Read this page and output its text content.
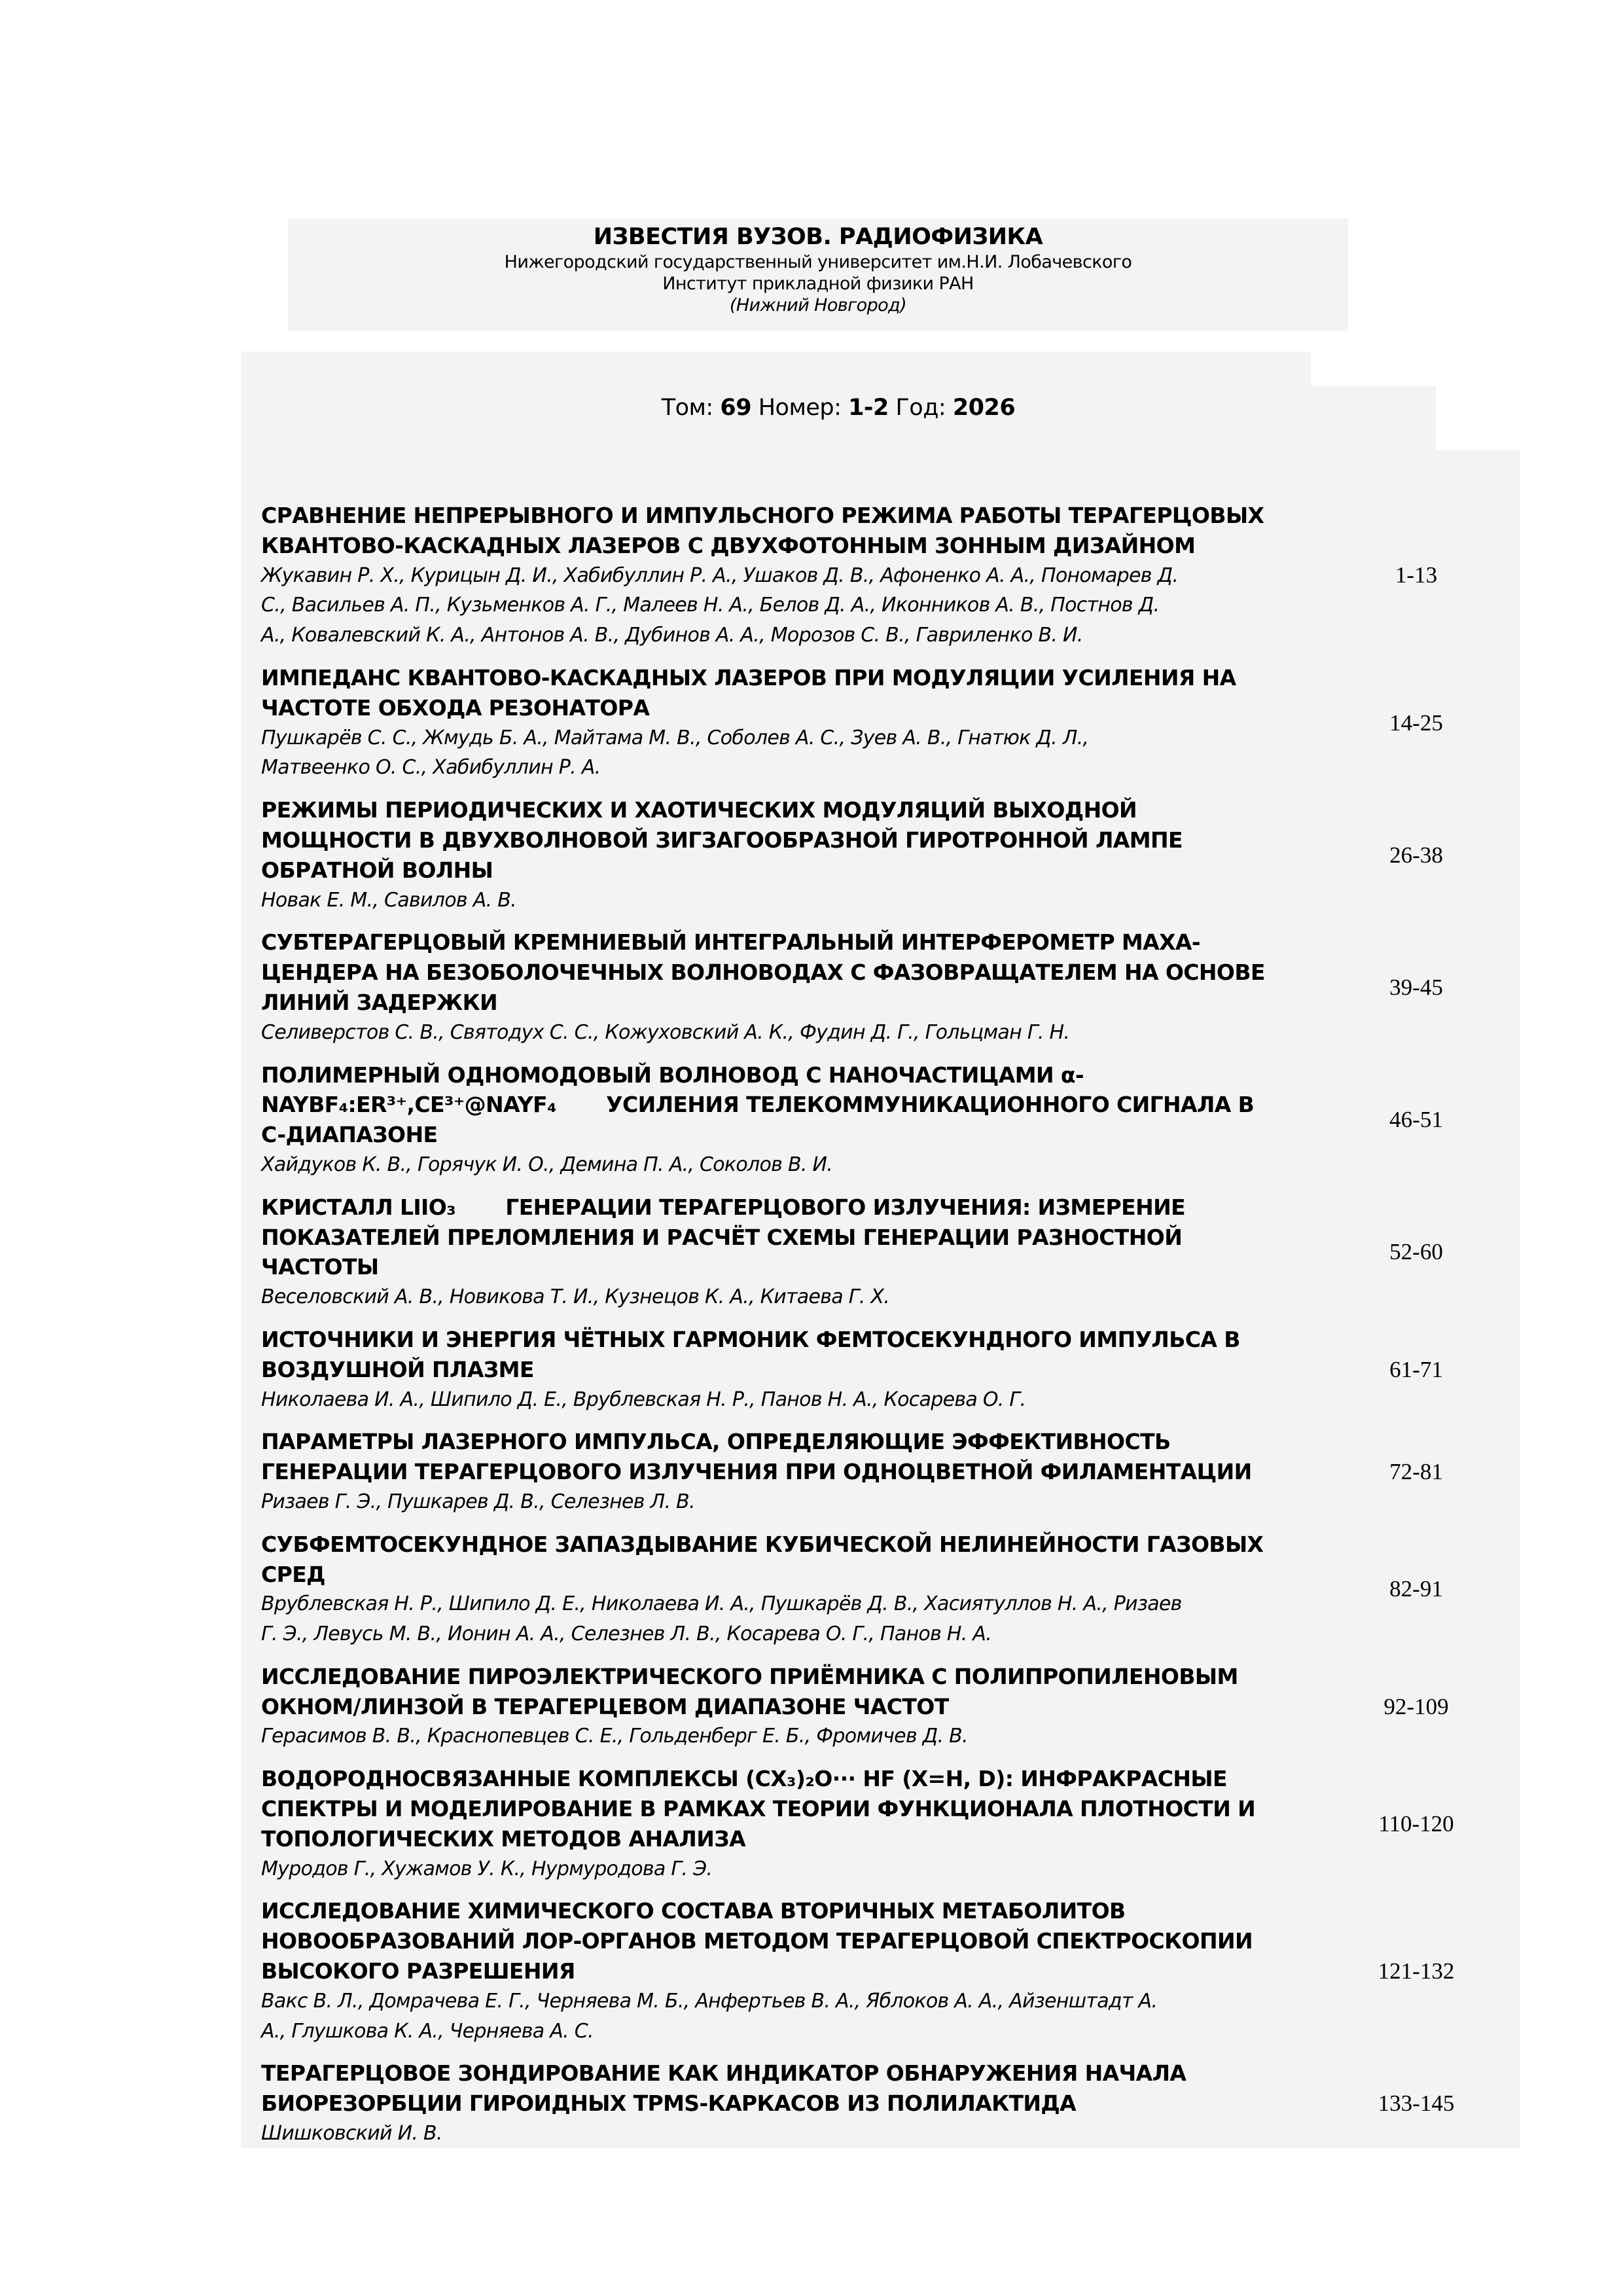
ИЗВЕСТИЯ ВУЗОВ. РАДИОФИЗИКА
Нижегородский государственный университет им.Н.И. Лобачевского
Институт прикладной физики РАН
(Нижний Новгород)
Том: 69 Номер: 1-2 Год: 2026
СРАВНЕНИЕ НЕПРЕРЫВНОГО И ИМПУЛЬСНОГО РЕЖИМА РАБОТЫ ТЕРАГЕРЦОВЫХ
КВАНТОВО-КАСКАДНЫХ ЛАЗЕРОВ С ДВУХФОТОННЫМ ЗОННЫМ ДИЗАЙНОМ
Жукавин Р. Х., Курицын Д. И., Хабибуллин Р. А., Ушаков Д. В., Афоненко А. А., Пономарев Д.
С., Васильев А. П., Кузьменков А. Г., Малеев Н. А., Белов Д. А., Иконников А. В., Постнов Д.
А., Ковалевский К. А., Антонов А. В., Дубинов А. А., Морозов С. В., Гавриленко В. И.
1-13
ИМПЕДАНС КВАНТОВО-КАСКАДНЫХ ЛАЗЕРОВ ПРИ МОДУЛЯЦИИ УСИЛЕНИЯ НА
ЧАСТОТЕ ОБХОДА РЕЗОНАТОРА
Пушкарёв С. С., Жмудь Б. А., Майтама М. В., Соболев А. С., Зуев А. В., Гнатюк Д. Л.,
Матвеенко О. С., Хабибуллин Р. А.
14-25
РЕЖИМЫ ПЕРИОДИЧЕСКИХ И ХАОТИЧЕСКИХ МОДУЛЯЦИЙ ВЫХОДНОЙ
МОЩНОСТИ В ДВУХВОЛНОВОЙ ЗИГЗАГООБРАЗНОЙ ГИРОТРОННОЙ ЛАМПЕ
ОБРАТНОЙ ВОЛНЫ
Новак Е. М., Савилов А. В.
26-38
СУБТЕРАГЕРЦОВЫЙ КРЕМНИЕВЫЙ ИНТЕГРАЛЬНЫЙ ИНТЕРФЕРОМЕТР МАХА-
ЦЕНДЕРА НА БЕЗОБОЛОЧЕЧНЫХ ВОЛНОВОДАХ С ФАЗОВРАЩАТЕЛЕМ НА ОСНОВЕ
ЛИНИЙ ЗАДЕРЖКИ
Селиверстов С. В., Святодух С. С., Кожуховский А. К., Фудин Д. Г., Гольцман Г. Н.
39-45
ПОЛИМЕРНЫЙ ОДНОМОДОВЫЙ ВОЛНОВОД С НАНОЧАСТИЦАМИ α-
NAYBF₄:ER³⁺,CE³⁺@NAYF₄       УСИЛЕНИЯ ТЕЛЕКОММУНИКАЦИОННОГО СИГНАЛА В
C-ДИАПАЗОНЕ
Хайдуков К. В., Горячук И. О., Демина П. А., Соколов В. И.
46-51
КРИСТАЛЛ LIIO₃       ГЕНЕРАЦИИ ТЕРАГЕРЦОВОГО ИЗЛУЧЕНИЯ: ИЗМЕРЕНИЕ
ПОКАЗАТЕЛЕЙ ПРЕЛОМЛЕНИЯ И РАСЧЁТ СХЕМЫ ГЕНЕРАЦИИ РАЗНОСТНОЙ
ЧАСТОТЫ
Веселовский А. В., Новикова Т. И., Кузнецов К. А., Китаева Г. Х.
52-60
ИСТОЧНИКИ И ЭНЕРГИЯ ЧЁТНЫХ ГАРМОНИК ФЕМТОСЕКУНДНОГО ИМПУЛЬСА В
ВОЗДУШНОЙ ПЛАЗМЕ
Николаева И. А., Шипило Д. Е., Врублевская Н. Р., Панов Н. А., Косарева О. Г.
61-71
ПАРАМЕТРЫ ЛАЗЕРНОГО ИМПУЛЬСА, ОПРЕДЕЛЯЮЩИЕ ЭФФЕКТИВНОСТЬ
ГЕНЕРАЦИИ ТЕРАГЕРЦОВОГО ИЗЛУЧЕНИЯ ПРИ ОДНОЦВЕТНОЙ ФИЛАМЕНТАЦИИ
Ризаев Г. Э., Пушкарев Д. В., Селезнев Л. В.
72-81
СУБФЕМТОСЕКУНДНОЕ ЗАПАЗДЫВАНИЕ КУБИЧЕСКОЙ НЕЛИНЕЙНОСТИ ГАЗОВЫХ
СРЕД
Врублевская Н. Р., Шипило Д. Е., Николаева И. А., Пушкарёв Д. В., Хасиятуллов Н. А., Ризаев
Г. Э., Левусь М. В., Ионин А. А., Селезнев Л. В., Косарева О. Г., Панов Н. А.
82-91
ИССЛЕДОВАНИЕ ПИРОЭЛЕКТРИЧЕСКОГО ПРИЁМНИКА С ПОЛИПРОПИЛЕНОВЫМ
ОКНОМ/ЛИНЗОЙ В ТЕРАГЕРЦЕВОМ ДИАПАЗОНЕ ЧАСТОТ
Герасимов В. В., Краснопевцев С. Е., Гольденберг Е. Б., Фромичев Д. В.
92-109
ВОДОРОДНОСВЯЗАННЫЕ КОМПЛЕКСЫ (CX₃)₂O··· HF (X=H, D): ИНФРАКРАСНЫЕ
СПЕКТРЫ И МОДЕЛИРОВАНИЕ В РАМКАХ ТЕОРИИ ФУНКЦИОНАЛА ПЛОТНОСТИ И
ТОПОЛОГИЧЕСКИХ МЕТОДОВ АНАЛИЗА
Муродов Г., Хужамов У. К., Нурмуродова Г. Э.
110-120
ИССЛЕДОВАНИЕ ХИМИЧЕСКОГО СОСТАВА ВТОРИЧНЫХ МЕТАБОЛИТОВ
НОВООБРАЗОВАНИЙ ЛОР-ОРГАНОВ МЕТОДОМ ТЕРАГЕРЦОВОЙ СПЕКТРОСКОПИИ
ВЫСОКОГО РАЗРЕШЕНИЯ
Вакс В. Л., Домрачева Е. Г., Черняева М. Б., Анфертьев В. А., Яблоков А. А., Айзенштадт А.
А., Глушкова К. А., Черняева А. С.
121-132
ТЕРАГЕРЦОВОЕ ЗОНДИРОВАНИЕ КАК ИНДИКАТОР ОБНАРУЖЕНИЯ НАЧАЛА
БИОРЕЗОРБЦИИ ГИРОИДНЫХ TPMS-КАРКАСОВ ИЗ ПОЛИЛАКТИДА
Шишковский И. В.
133-145
